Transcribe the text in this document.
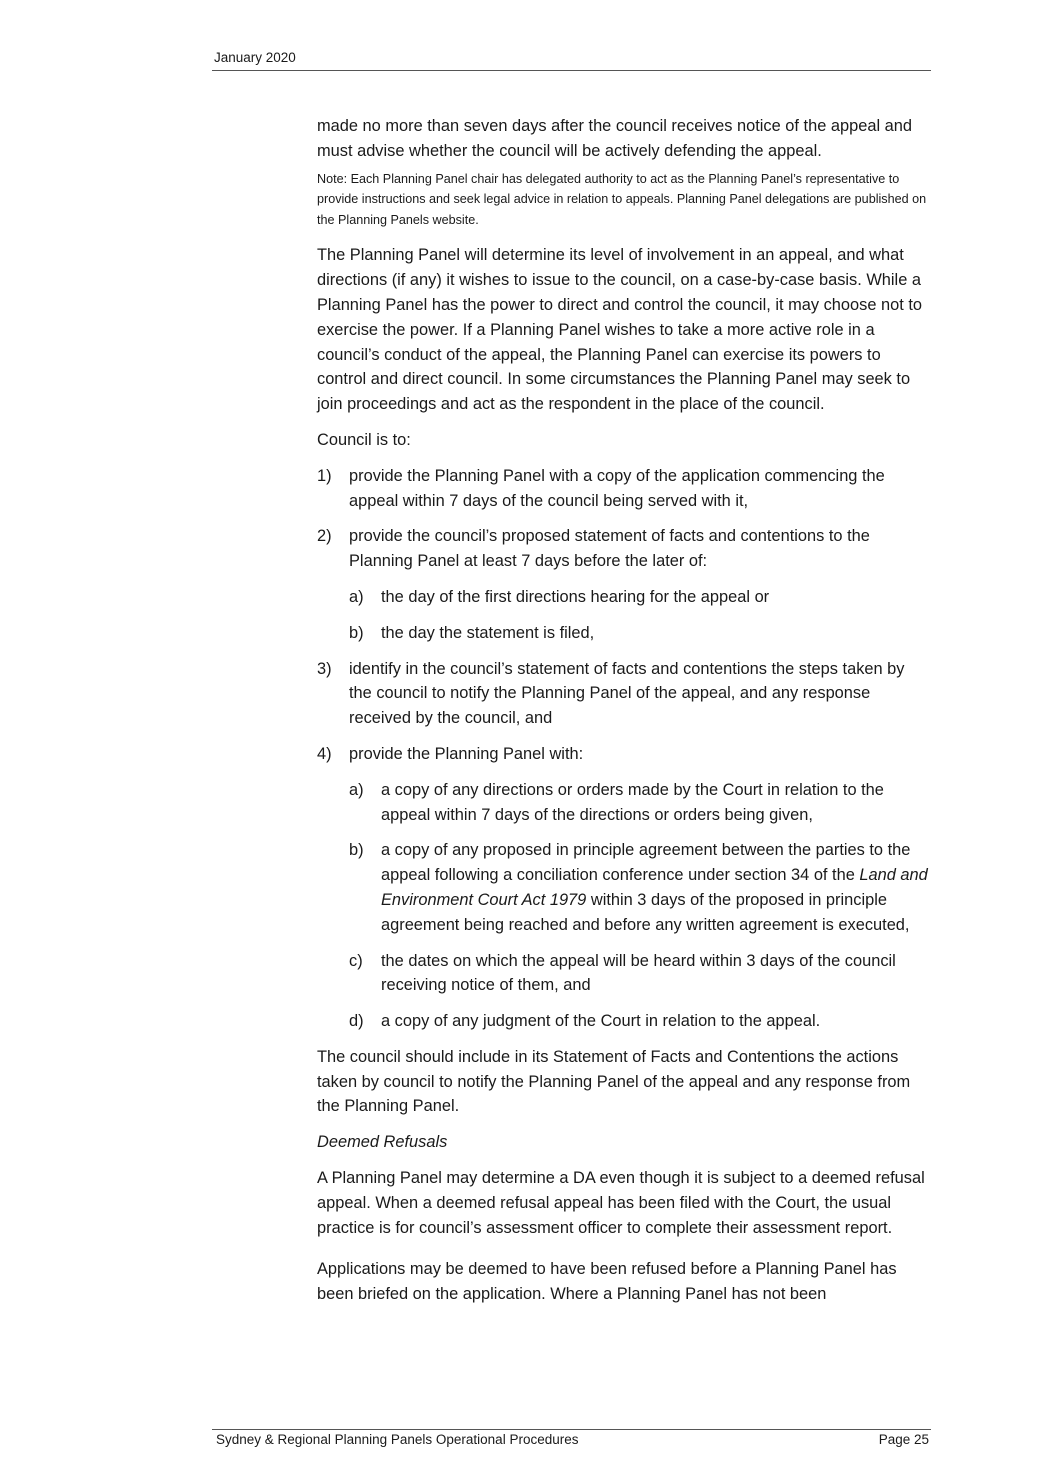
January 2020

made no more than seven days after the council receives notice of the appeal and must advise whether the council will be actively defending the appeal.

Note: Each Planning Panel chair has delegated authority to act as the Planning Panel’s representative to provide instructions and seek legal advice in relation to appeals. Planning Panel delegations are published on the Planning Panels website.

The Planning Panel will determine its level of involvement in an appeal, and what directions (if any) it wishes to issue to the council, on a case-by-case basis. While a Planning Panel has the power to direct and control the council, it may choose not to exercise the power. If a Planning Panel wishes to take a more active role in a council’s conduct of the appeal, the Planning Panel can exercise its powers to control and direct council. In some circumstances the Planning Panel may seek to join proceedings and act as the respondent in the place of the council.

Council is to:

1)	provide the Planning Panel with a copy of the application commencing the appeal within 7 days of the council being served with it,
2)	provide the council’s proposed statement of facts and contentions to the Planning Panel at least 7 days before the later of:
a)	the day of the first directions hearing for the appeal or
b)	the day the statement is filed,
3)	identify in the council’s statement of facts and contentions the steps taken by the council to notify the Planning Panel of the appeal, and any response received by the council, and
4)	provide the Planning Panel with:
a)	a copy of any directions or orders made by the Court in relation to the appeal within 7 days of the directions or orders being given,
b)	a copy of any proposed in principle agreement between the parties to the appeal following a conciliation conference under section 34 of the Land and Environment Court Act 1979 within 3 days of the proposed in principle agreement being reached and before any written agreement is executed,
c)	the dates on which the appeal will be heard within 3 days of the council receiving notice of them, and
d)	a copy of any judgment of the Court in relation to the appeal.

The council should include in its Statement of Facts and Contentions the actions taken by council to notify the Planning Panel of the appeal and any response from the Planning Panel.

Deemed Refusals

A Planning Panel may determine a DA even though it is subject to a deemed refusal appeal. When a deemed refusal appeal has been filed with the Court, the usual practice is for council’s assessment officer to complete their assessment report.

Applications may be deemed to have been refused before a Planning Panel has been briefed on the application. Where a Planning Panel has not been

Sydney & Regional Planning Panels Operational Procedures	Page 25
